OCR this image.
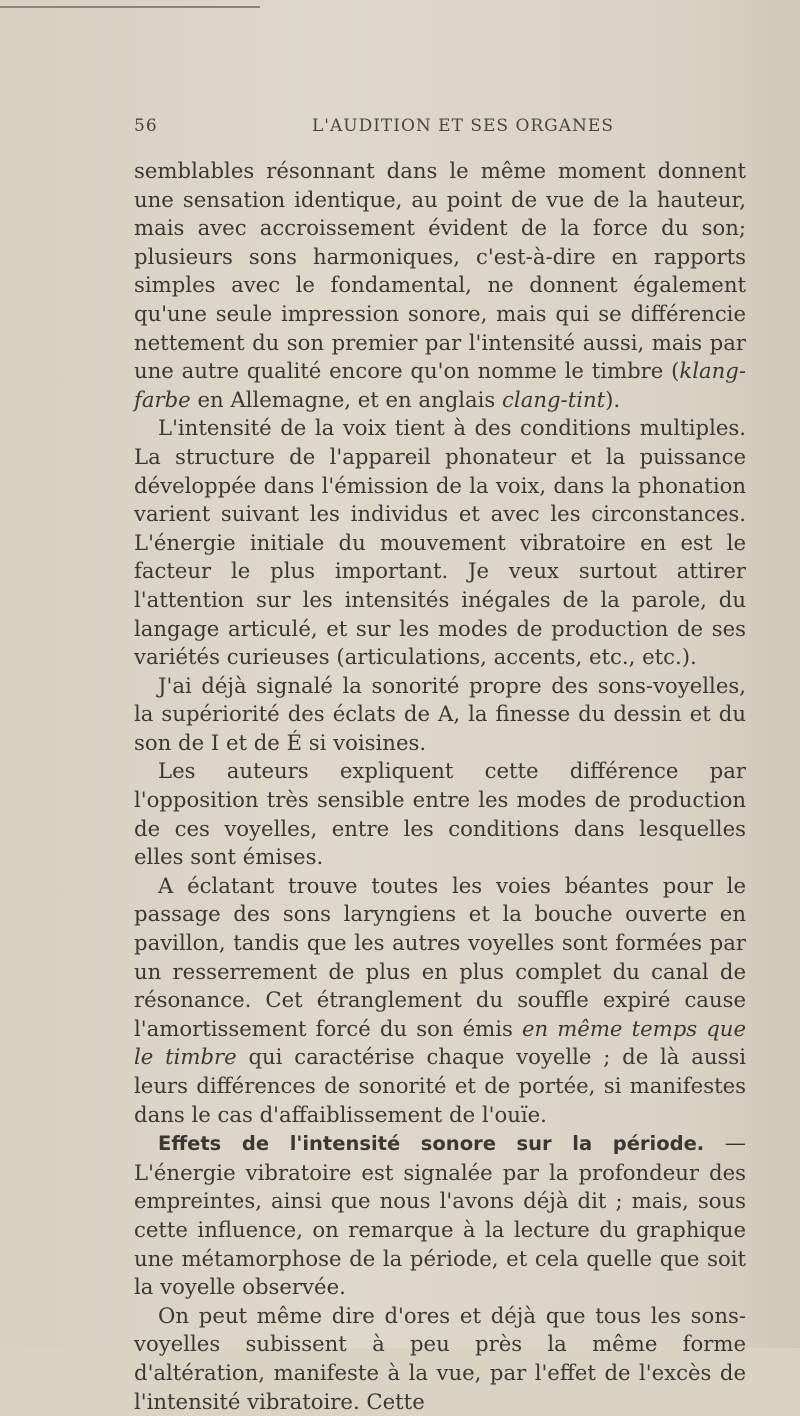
56	L'AUDITION ET SES ORGANES

semblables résonnant dans le même moment donnent une sensation identique, au point de vue de la hauteur, mais avec accroissement évident de la force du son; plusieurs sons harmoniques, c'est-à-dire en rapports simples avec le fondamental, ne donnent également qu'une seule impression sonore, mais qui se différencie nettement du son premier par l'intensité aussi, mais par une autre qualité encore qu'on nomme le timbre (klang-farbe en Allemagne, et en anglais clang-tint).

L'intensité de la voix tient à des conditions multiples. La structure de l'appareil phonateur et la puissance développée dans l'émission de la voix, dans la phonation varient suivant les individus et avec les circonstances. L'énergie initiale du mouvement vibratoire en est le facteur le plus important. Je veux surtout attirer l'attention sur les intensités inégales de la parole, du langage articulé, et sur les modes de production de ses variétés curieuses (articulations, accents, etc., etc.).

J'ai déjà signalé la sonorité propre des sons-voyelles, la supériorité des éclats de A, la finesse du dessin et du son de I et de É si voisines.

Les auteurs expliquent cette différence par l'opposition très sensible entre les modes de production de ces voyelles, entre les conditions dans lesquelles elles sont émises.

A éclatant trouve toutes les voies béantes pour le passage des sons laryngiens et la bouche ouverte en pavillon, tandis que les autres voyelles sont formées par un resserrement de plus en plus complet du canal de résonance. Cet étranglement du souffle expiré cause l'amortissement forcé du son émis en même temps que le timbre qui caractérise chaque voyelle ; de là aussi leurs différences de sonorité et de portée, si manifestes dans le cas d'affaiblissement de l'ouïe.

Effets de l'intensité sonore sur la période. — L'énergie vibratoire est signalée par la profondeur des empreintes, ainsi que nous l'avons déjà dit ; mais, sous cette influence, on remarque à la lecture du graphique une métamorphose de la période, et cela quelle que soit la voyelle observée.

On peut même dire d'ores et déjà que tous les sons-voyelles subissent à peu près la même forme d'altération, manifeste à la vue, par l'effet de l'excès de l'intensité vibratoire. Cette
